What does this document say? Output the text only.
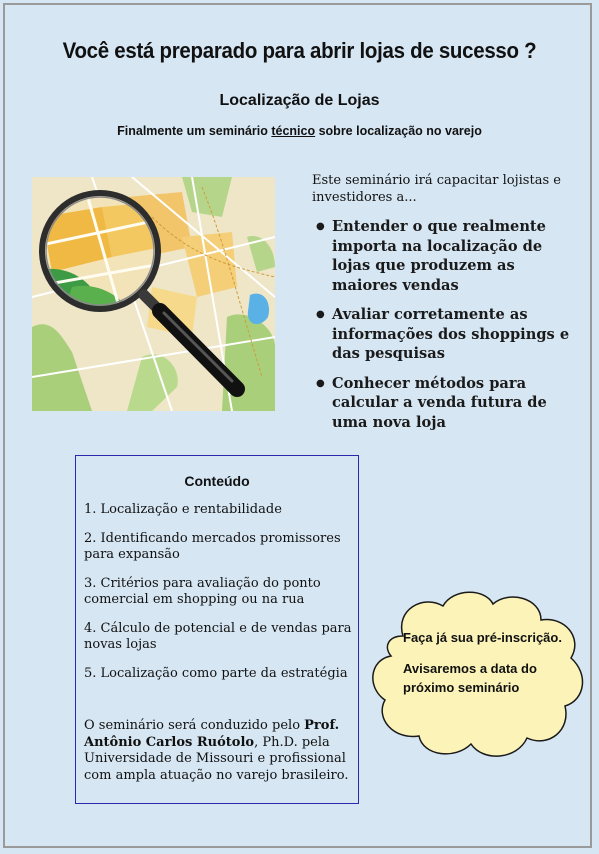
Você está preparado para abrir lojas de sucesso ?
Localização de Lojas
Finalmente um seminário técnico sobre localização no varejo
Este seminário irá capacitar lojistas e investidores a...
● Entender o que realmente importa na localização de lojas que produzem as maiores vendas
● Avaliar corretamente as informações dos shoppings e das pesquisas
● Conhecer métodos para calcular a venda futura de uma nova loja
Conteúdo
1. Localização e rentabilidade
2. Identificando mercados promissores para expansão
3. Critérios para avaliação do ponto comercial em shopping ou na rua
4. Cálculo de potencial e de vendas para novas lojas
5. Localização como parte da estratégia
O seminário será conduzido pelo Prof. Antônio Carlos Ruótolo, Ph.D. pela Universidade de Missouri e profissional com ampla atuação no varejo brasileiro.

Faça já sua pré-inscrição.

Avisaremos a data do próximo seminário
